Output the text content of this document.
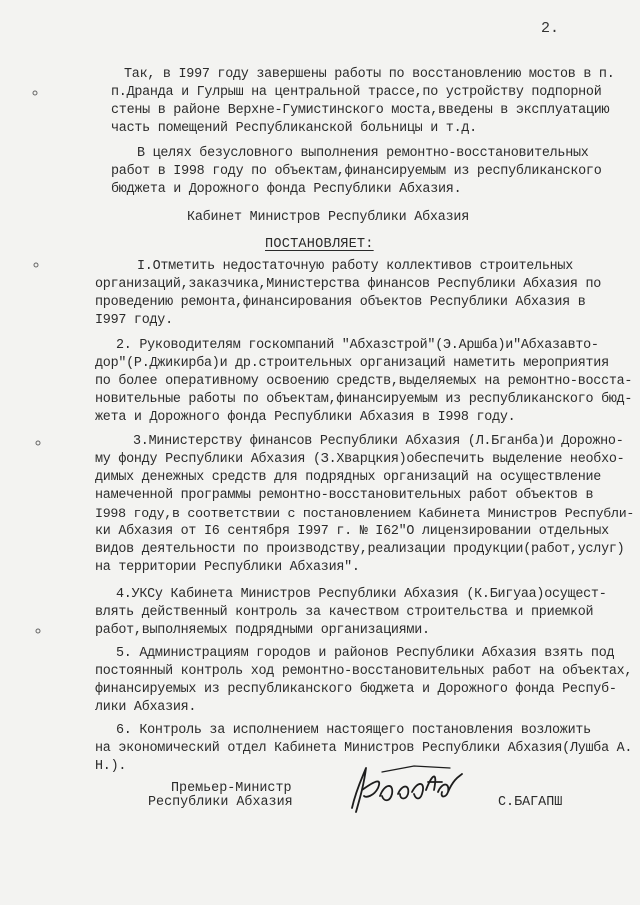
2.
Так, в I997 году завершены работы по восстановлению мостов в п.
п.Дранда и Гулрыш на центральной трассе,по устройству подпорной
стены в районе Верхне-Гумистинского моста,введены в эксплуатацию
часть помещений Республиканской больницы и т.д.
В целях безусловного выполнения ремонтно-восстановительных
работ в I998 году по объектам,финансируемым из республиканского
бюджета и Дорожного фонда Республики Абхазия.
Кабинет Министров Республики Абхазия
ПОСТАНОВЛЯЕТ:
I.Отметить недостаточную работу коллективов строительных
организаций,заказчика,Министерства финансов Республики Абхазия по
проведению ремонта,финансирования объектов Республики Абхазия в
I997 году.
2. Руководителям госкомпаний "Абхазстрой"(Э.Аршба)и"Абхазавто-
дор"(Р.Джикирба)и др.строительных организаций наметить мероприятия
по более оперативному освоению средств,выделяемых на ремонтно-восста-
новительные работы по объектам,финансируемым из республиканского бюд-
жета и Дорожного фонда Республики Абхазия в I998 году.
3.Министерству финансов Республики Абхазия (Л.Бганба)и Дорожно-
му фонду Республики Абхазия (З.Хварцкия)обеспечить выделение необхо-
димых денежных средств для подрядных организаций на осуществление
намеченной программы ремонтно-восстановительных работ объектов в
I998 году,в соответствии с постановлением Кабинета Министров Республи-
ки Абхазия от I6 сентября I997 г. № I62"О лицензировании отдельных
видов деятельности по производству,реализации продукции(работ,услуг)
на территории Республики Абхазия".
4.УКСу Кабинета Министров Республики Абхазия (К.Бигуаа)осущест-
влять действенный контроль за качеством строительства и приемкой
работ,выполняемых подрядными организациями.
5. Администрациям городов и районов Республики Абхазия взять под
постоянный контроль ход ремонтно-восстановительных работ на объектах,
финансируемых из республиканского бюджета и Дорожного фонда Респуб-
лики Абхазия.
6. Контроль за исполнением настоящего постановления возложить
на экономический отдел Кабинета Министров Республики Абхазия(Лушба А.
Н.).
Премьер-Министр
Республики Абхазия	С.БАГАПШ
